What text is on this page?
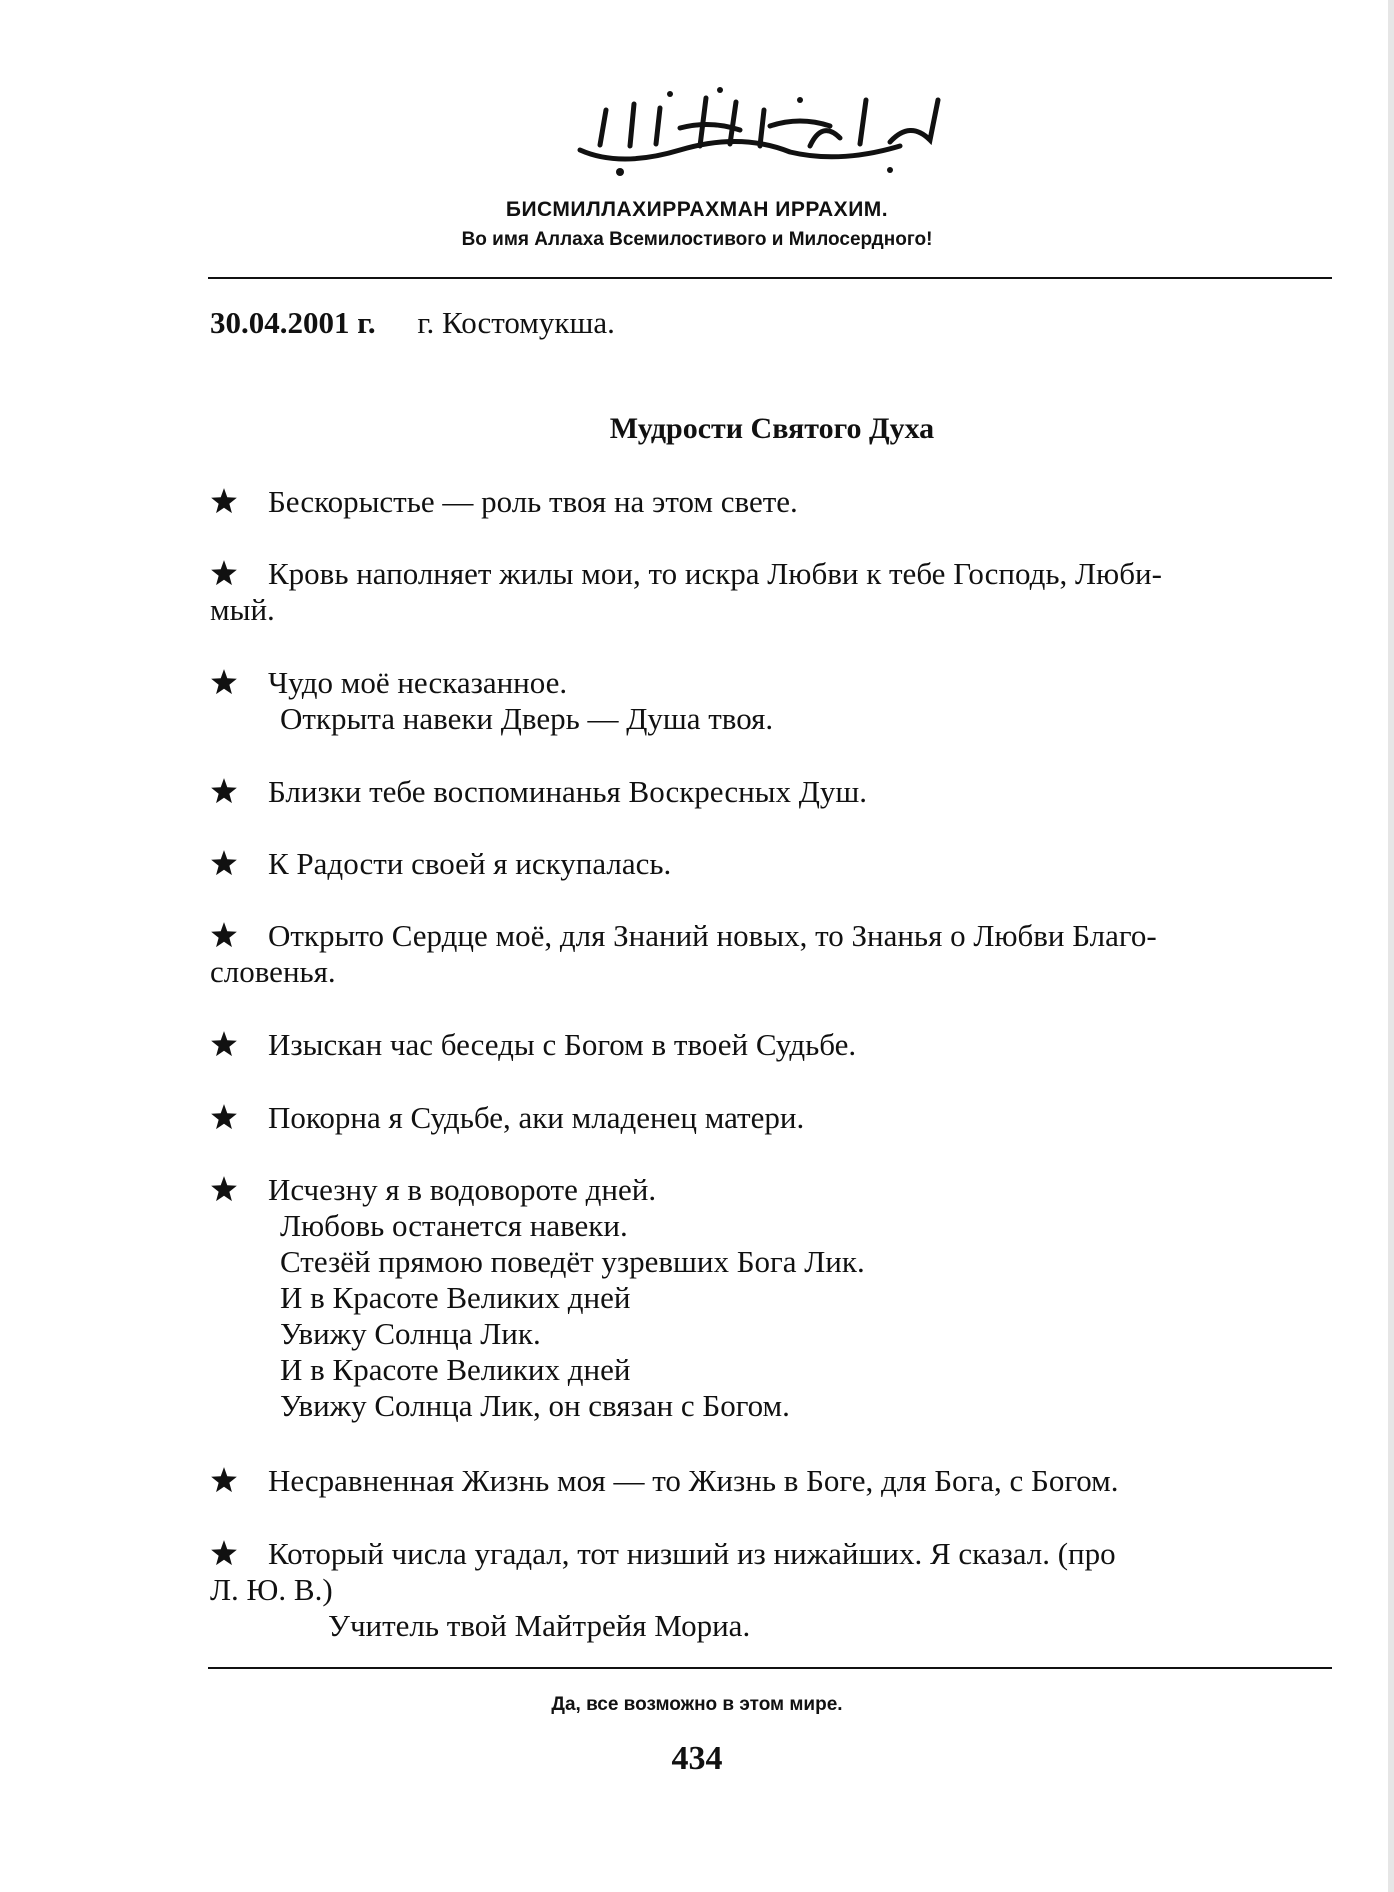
БИСМИЛЛАХИРРАХМАН ИРРАХИМ.
Во имя Аллаха Всемилостивого и Милосердного!
30.04.2001 г. г. Костомукша.
Мудрости Святого Духа
Бескорыстье — роль твоя на этом свете.
Кровь наполняет жилы мои, то искра Любви к тебе Господь, Люби-
мый.
Чудо моё несказанное.
Открыта навеки Дверь — Душа твоя.
Близки тебе воспоминанья Воскресных Душ.
К Радости своей я искупалась.
Открыто Сердце моё, для Знаний новых, то Знанья о Любви Благо-
словенья.
Изыскан час беседы с Богом в твоей Судьбе.
Покорна я Судьбе, аки младенец матери.
Исчезну я в водовороте дней.
Любовь останется навеки.
Стезёй прямою поведёт узревших Бога Лик.
И в Красоте Великих дней
Увижу Солнца Лик.
И в Красоте Великих дней
Увижу Солнца Лик, он связан с Богом.
Несравненная Жизнь моя — то Жизнь в Боге, для Бога, с Богом.
Который числа угадал, тот низший из нижайших. Я сказал. (про
Л. Ю. В.)
Учитель твой Майтрейя Мориа.
Да, все возможно в этом мире.
434
